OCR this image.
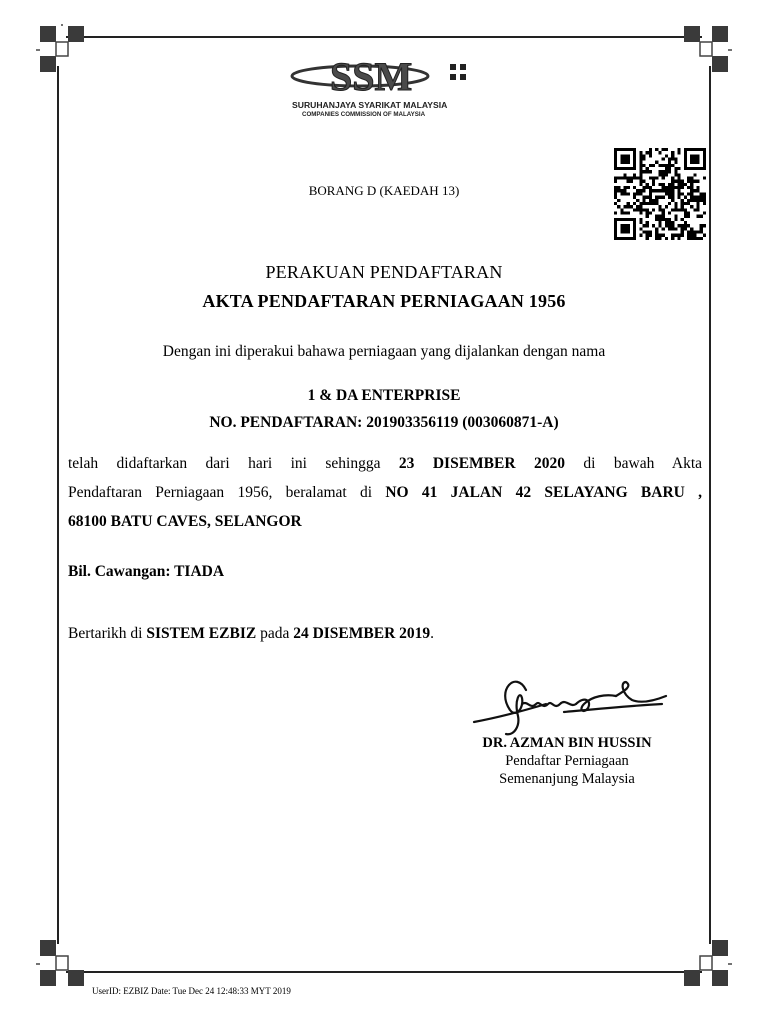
SSM
SURUHANJAYA SYARIKAT MALAYSIA
COMPANIES COMMISSION OF MALAYSIA
BORANG D (KAEDAH 13)
PERAKUAN PENDAFTARAN
AKTA PENDAFTARAN PERNIAGAAN 1956
Dengan ini diperakui bahawa perniagaan yang dijalankan dengan nama
1 & DA ENTERPRISE
NO. PENDAFTARAN: 201903356119 (003060871-A)
telah didaftarkan dari hari ini sehingga 23 DISEMBER 2020 di bawah Akta
Pendaftaran Perniagaan 1956, beralamat di NO 41 JALAN 42 SELAYANG BARU ,
68100 BATU CAVES, SELANGOR
Bil. Cawangan: TIADA
Bertarikh di SISTEM EZBIZ pada 24 DISEMBER 2019.
DR. AZMAN BIN HUSSIN
Pendaftar Perniagaan
Semenanjung Malaysia
UserID: EZBIZ Date: Tue Dec 24 12:48:33 MYT 2019
